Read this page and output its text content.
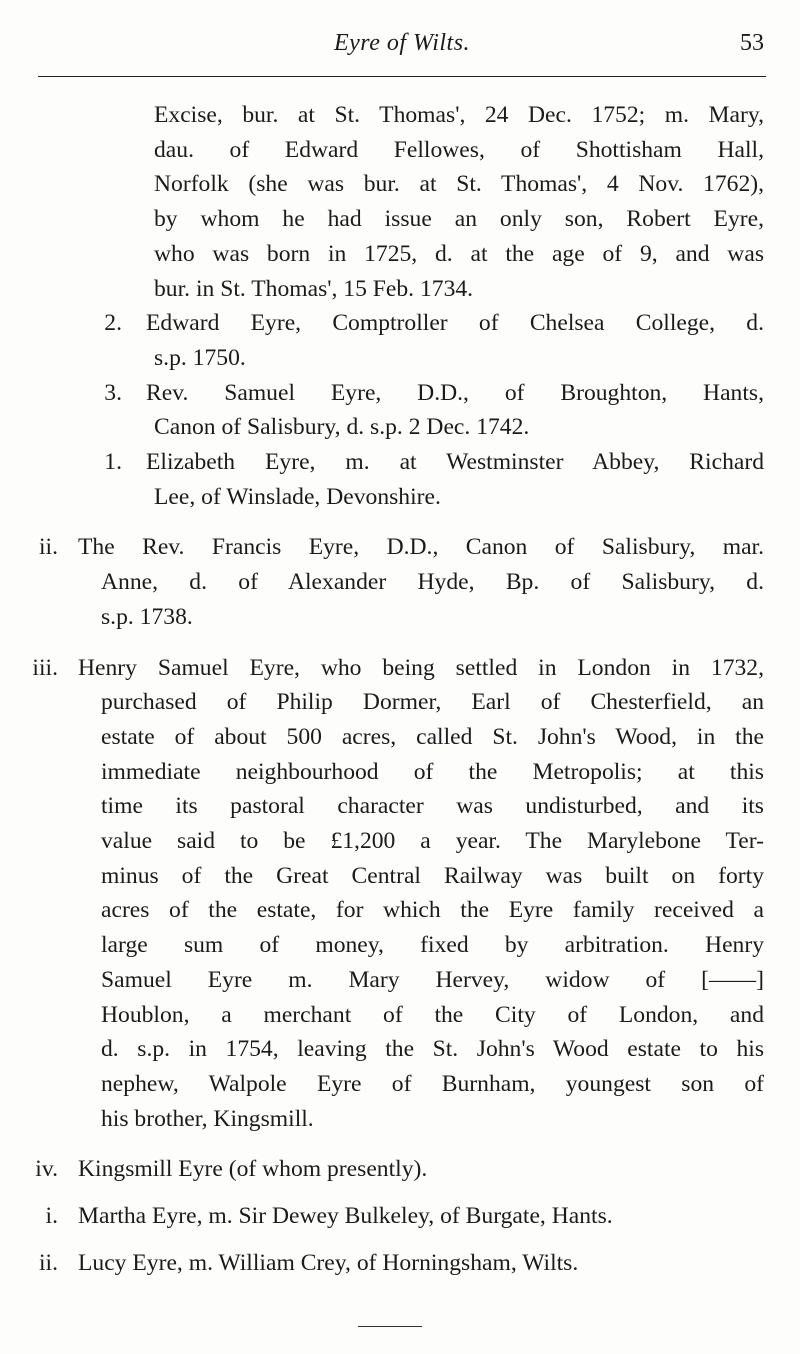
Eyre of Wilts.	53
Excise, bur. at St. Thomas', 24 Dec. 1752; m. Mary,
dau. of Edward Fellowes, of Shottisham Hall,
Norfolk (she was bur. at St. Thomas', 4 Nov. 1762),
by whom he had issue an only son, Robert Eyre,
who was born in 1725, d. at the age of 9, and was
bur. in St. Thomas', 15 Feb. 1734.
2. Edward Eyre, Comptroller of Chelsea College, d.
s.p. 1750.
3. Rev. Samuel Eyre, D.D., of Broughton, Hants,
Canon of Salisbury, d. s.p. 2 Dec. 1742.
1. Elizabeth Eyre, m. at Westminster Abbey, Richard
Lee, of Winslade, Devonshire.
ii. The Rev. Francis Eyre, D.D., Canon of Salisbury, mar.
Anne, d. of Alexander Hyde, Bp. of Salisbury, d.
s.p. 1738.
iii. Henry Samuel Eyre, who being settled in London in 1732,
purchased of Philip Dormer, Earl of Chesterfield, an
estate of about 500 acres, called St. John's Wood, in the
immediate neighbourhood of the Metropolis; at this
time its pastoral character was undisturbed, and its
value said to be £1,200 a year. The Marylebone Ter-
minus of the Great Central Railway was built on forty
acres of the estate, for which the Eyre family received a
large sum of money, fixed by arbitration. Henry
Samuel Eyre m. Mary Hervey, widow of [——]
Houblon, a merchant of the City of London, and
d. s.p. in 1754, leaving the St. John's Wood estate to his
nephew, Walpole Eyre of Burnham, youngest son of
his brother, Kingsmill.
iv. Kingsmill Eyre (of whom presently).
i. Martha Eyre, m. Sir Dewey Bulkeley, of Burgate, Hants.
ii. Lucy Eyre, m. William Crey, of Horningsham, Wilts.
